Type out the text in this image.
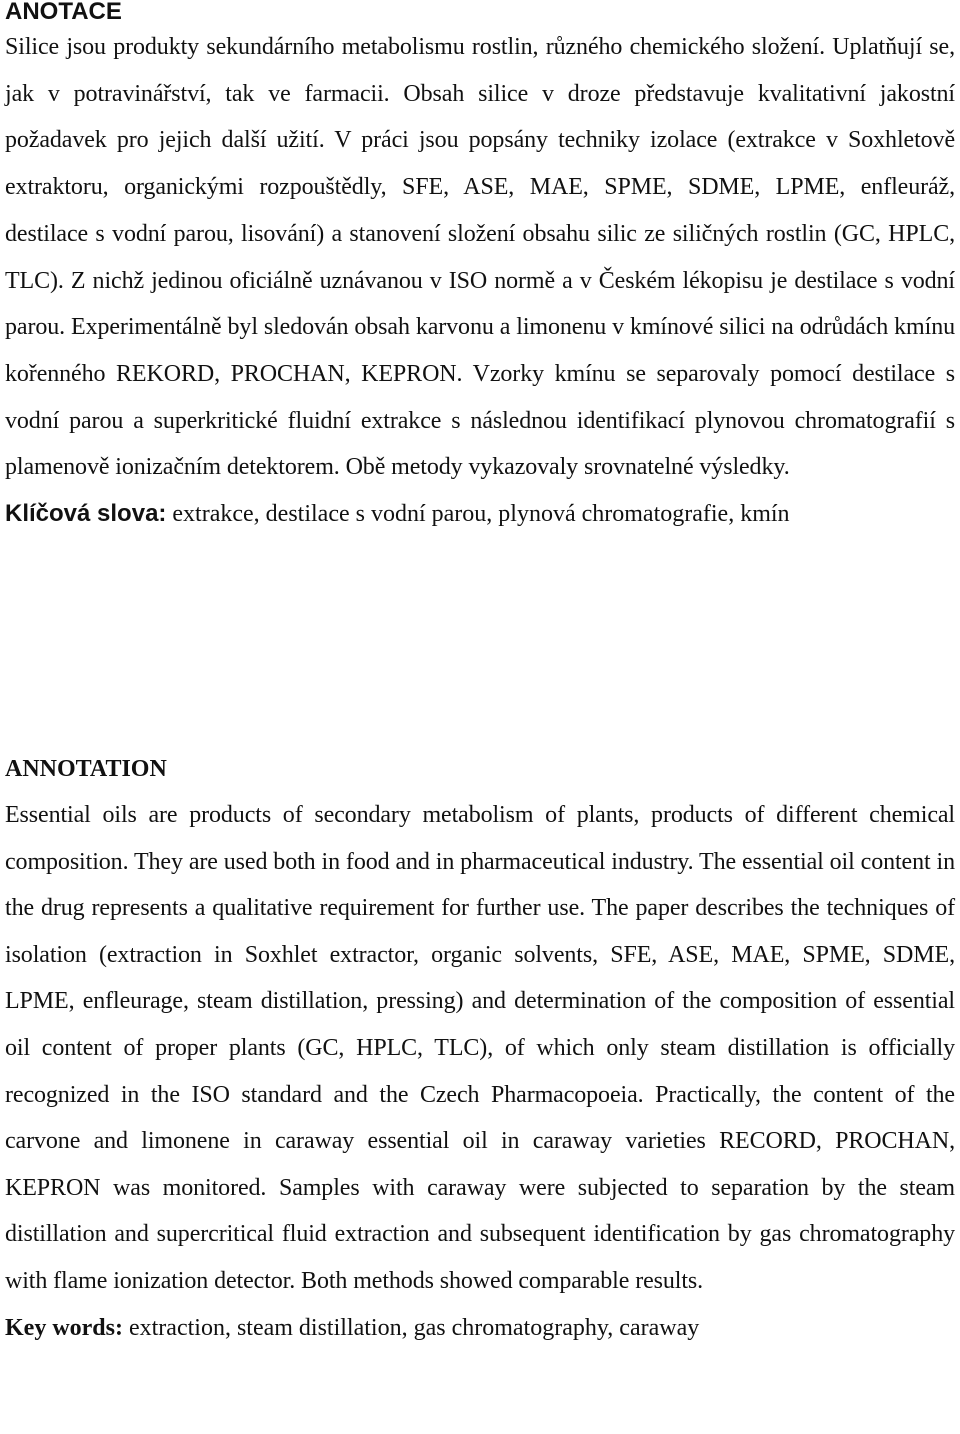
ANOTACE

Silice jsou produkty sekundárního metabolismu rostlin, různého chemického složení. Uplatňují se, jak v potravinářství, tak ve farmacii. Obsah silice v droze představuje kvalitativní jakostní požadavek pro jejich další užití. V práci jsou popsány techniky izolace (extrakce v Soxhletově extraktoru, organickými rozpouštědly, SFE, ASE, MAE, SPME, SDME, LPME, enfleuráž, destilace s vodní parou, lisování) a stanovení složení obsahu silic ze siličných rostlin (GC, HPLC, TLC). Z nichž jedinou oficiálně uznávanou v ISO normě a v Českém lékopisu je destilace s vodní parou. Experimentálně byl sledován obsah karvonu a limonenu v kmínové silici na odrůdách kmínu kořenného REKORD, PROCHAN, KEPRON. Vzorky kmínu se separovaly pomocí destilace s vodní parou a superkritické fluidní extrakce s následnou identifikací plynovou chromatografií s plamenově ionizačním detektorem. Obě metody vykazovaly srovnatelné výsledky.

Klíčová slova: extrakce, destilace s vodní parou, plynová chromatografie, kmín

ANNOTATION

Essential oils are products of secondary metabolism of plants, products of different chemical composition. They are used both in food and in pharmaceutical industry. The essential oil content in the drug represents a qualitative requirement for further use. The paper describes the techniques of isolation (extraction in Soxhlet extractor, organic solvents, SFE, ASE, MAE, SPME, SDME, LPME, enfleurage, steam distillation, pressing) and determination of the composition of essential oil content of proper plants (GC, HPLC, TLC), of which only steam distillation is officially recognized in the ISO standard and the Czech Pharmacopoeia. Practically, the content of the carvone and limonene in caraway essential oil in caraway varieties RECORD, PROCHAN, KEPRON was monitored. Samples with caraway were subjected to separation by the steam distillation and supercritical fluid extraction and subsequent identification by gas chromatography with flame ionization detector. Both methods showed comparable results.

Key words: extraction, steam distillation, gas chromatography, caraway
